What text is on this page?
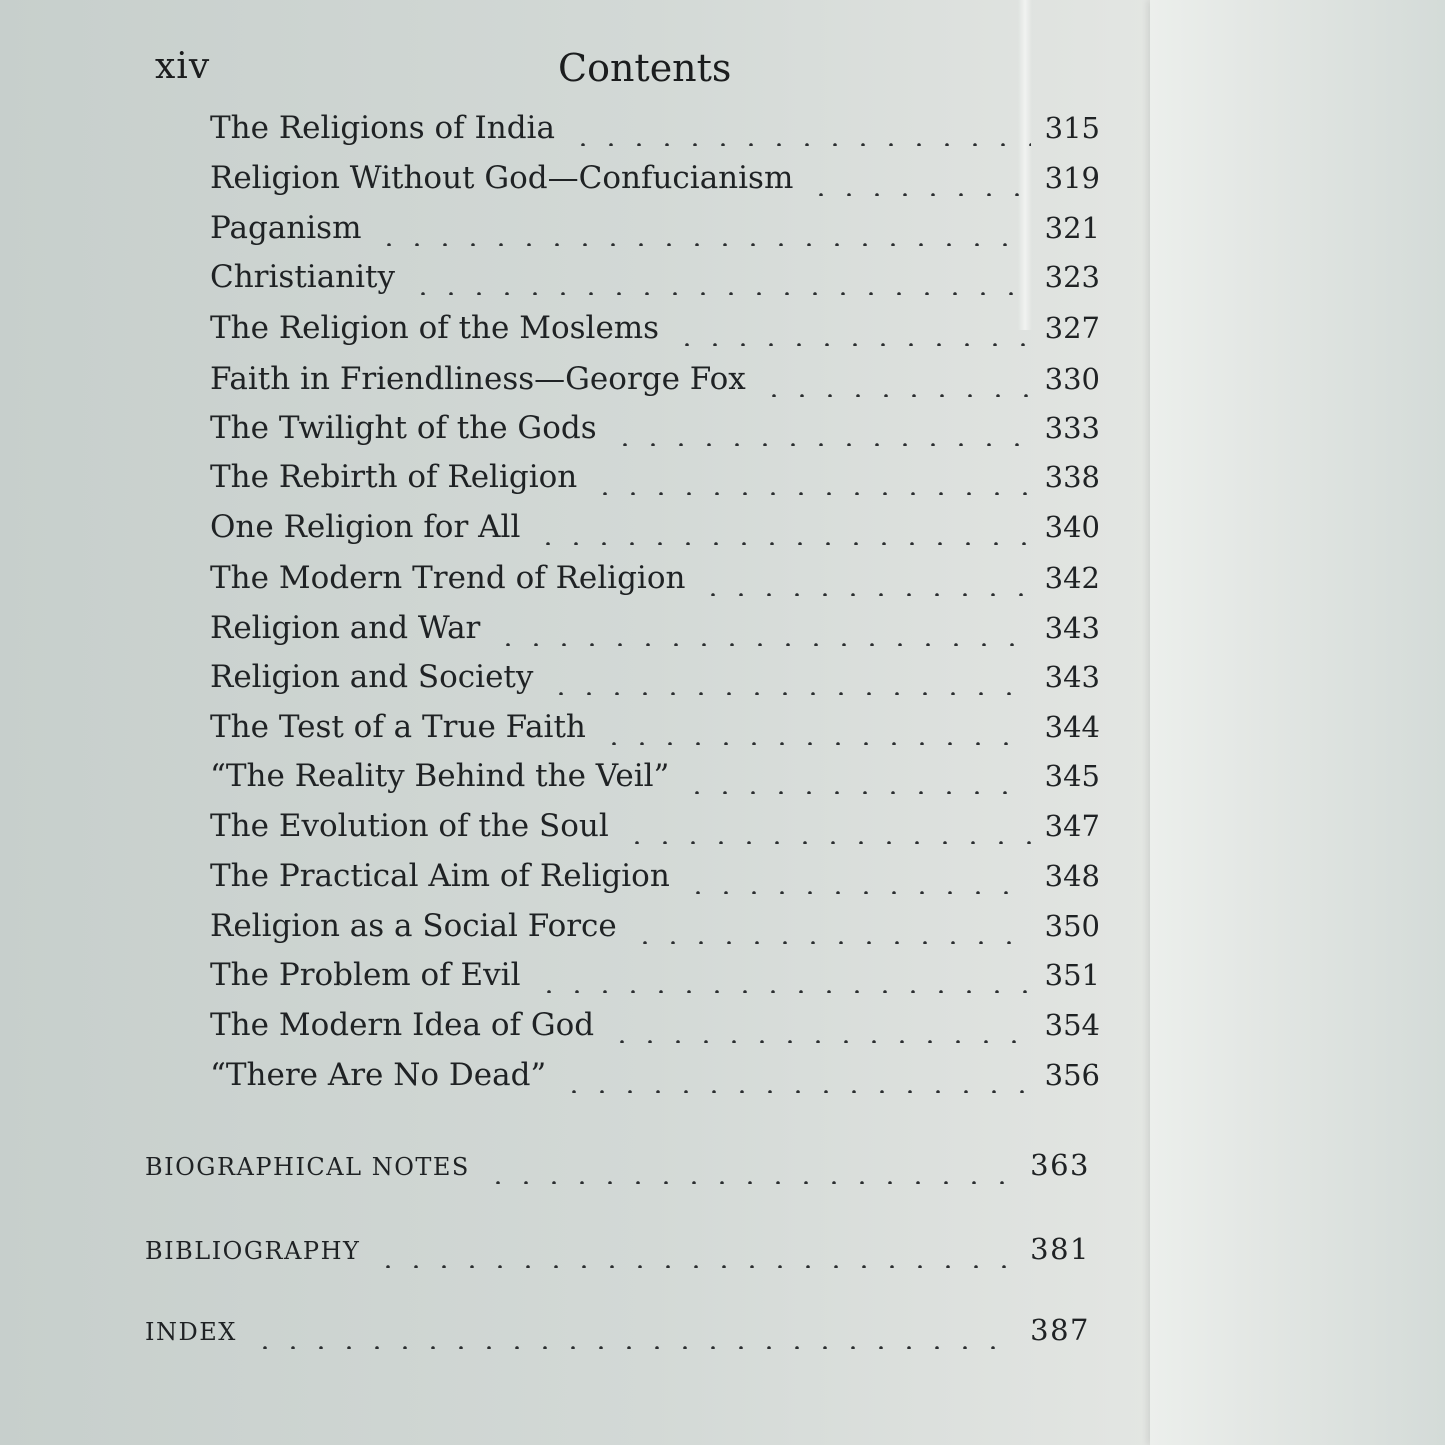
xiv	Contents
The Religions of India	315
Religion Without God—Confucianism	319
Paganism	321
Christianity	323
The Religion of the Moslems	327
Faith in Friendliness—George Fox	330
The Twilight of the Gods	333
The Rebirth of Religion	338
One Religion for All	340
The Modern Trend of Religion	342
Religion and War	343
Religion and Society	343
The Test of a True Faith	344
“The Reality Behind the Veil”	345
The Evolution of the Soul	347
The Practical Aim of Religion	348
Religion as a Social Force	350
The Problem of Evil	351
The Modern Idea of God	354
“There Are No Dead”	356
BIOGRAPHICAL NOTES	363
BIBLIOGRAPHY	381
INDEX	387
